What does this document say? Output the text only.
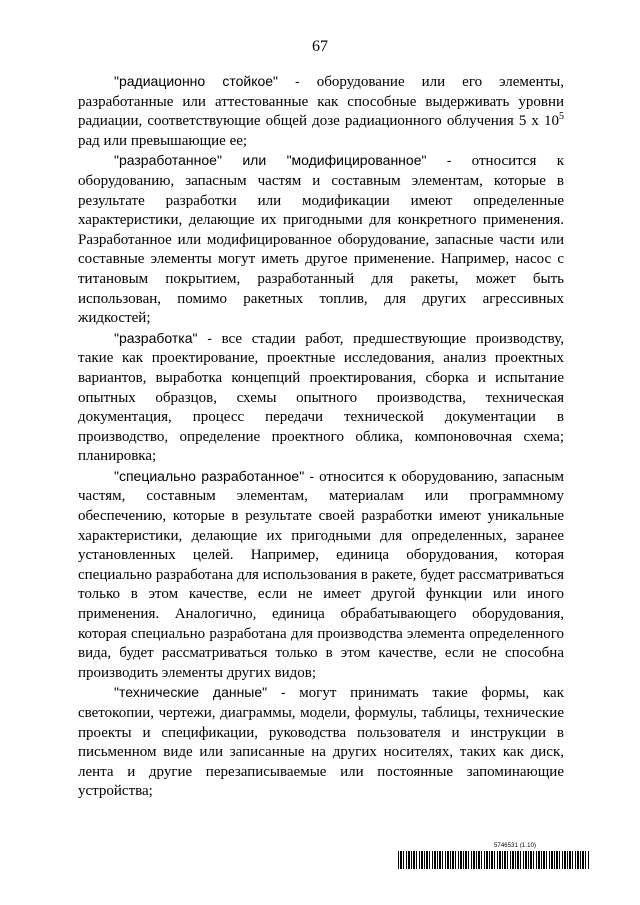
67

"радиационно стойкое" - оборудование или его элементы, разработанные или аттестованные как способные выдерживать уровни радиации, соответствующие общей дозе радиационного облучения 5 х $10^5$ рад или превышающие ее;

"разработанное" или "модифицированное" - относится к оборудованию, запасным частям и составным элементам, которые в результате разработки или модификации имеют определенные характеристики, делающие их пригодными для конкретного применения. Разработанное или модифицированное оборудование, запасные части или составные элементы могут иметь другое применение. Например, насос с титановым покрытием, разработанный для ракеты, может быть использован, помимо ракетных топлив, для других агрессивных жидкостей;

"разработка" - все стадии работ, предшествующие производству, такие как проектирование, проектные исследования, анализ проектных вариантов, выработка концепций проектирования, сборка и испытание опытных образцов, схемы опытного производства, техническая документация, процесс передачи технической документации в производство, определение проектного облика, компоновочная схема; планировка;

"специально разработанное" - относится к оборудованию, запасным частям, составным элементам, материалам или программному обеспечению, которые в результате своей разработки имеют уникальные характеристики, делающие их пригодными для определенных, заранее установленных целей. Например, единица оборудования, которая специально разработана для использования в ракете, будет рассматриваться только в этом качестве, если не имеет другой функции или иного применения. Аналогично, единица обрабатывающего оборудования, которая специально разработана для производства элемента определенного вида, будет рассматриваться только в этом качестве, если не способна производить элементы других видов;

"технические данные" - могут принимать такие формы, как светокопии, чертежи, диаграммы, модели, формулы, таблицы, технические проекты и спецификации, руководства пользователя и инструкции в письменном виде или записанные на других носителях, таких как диск, лента и другие перезаписываемые или постоянные запоминающие устройства;

5746531 (1.10)
